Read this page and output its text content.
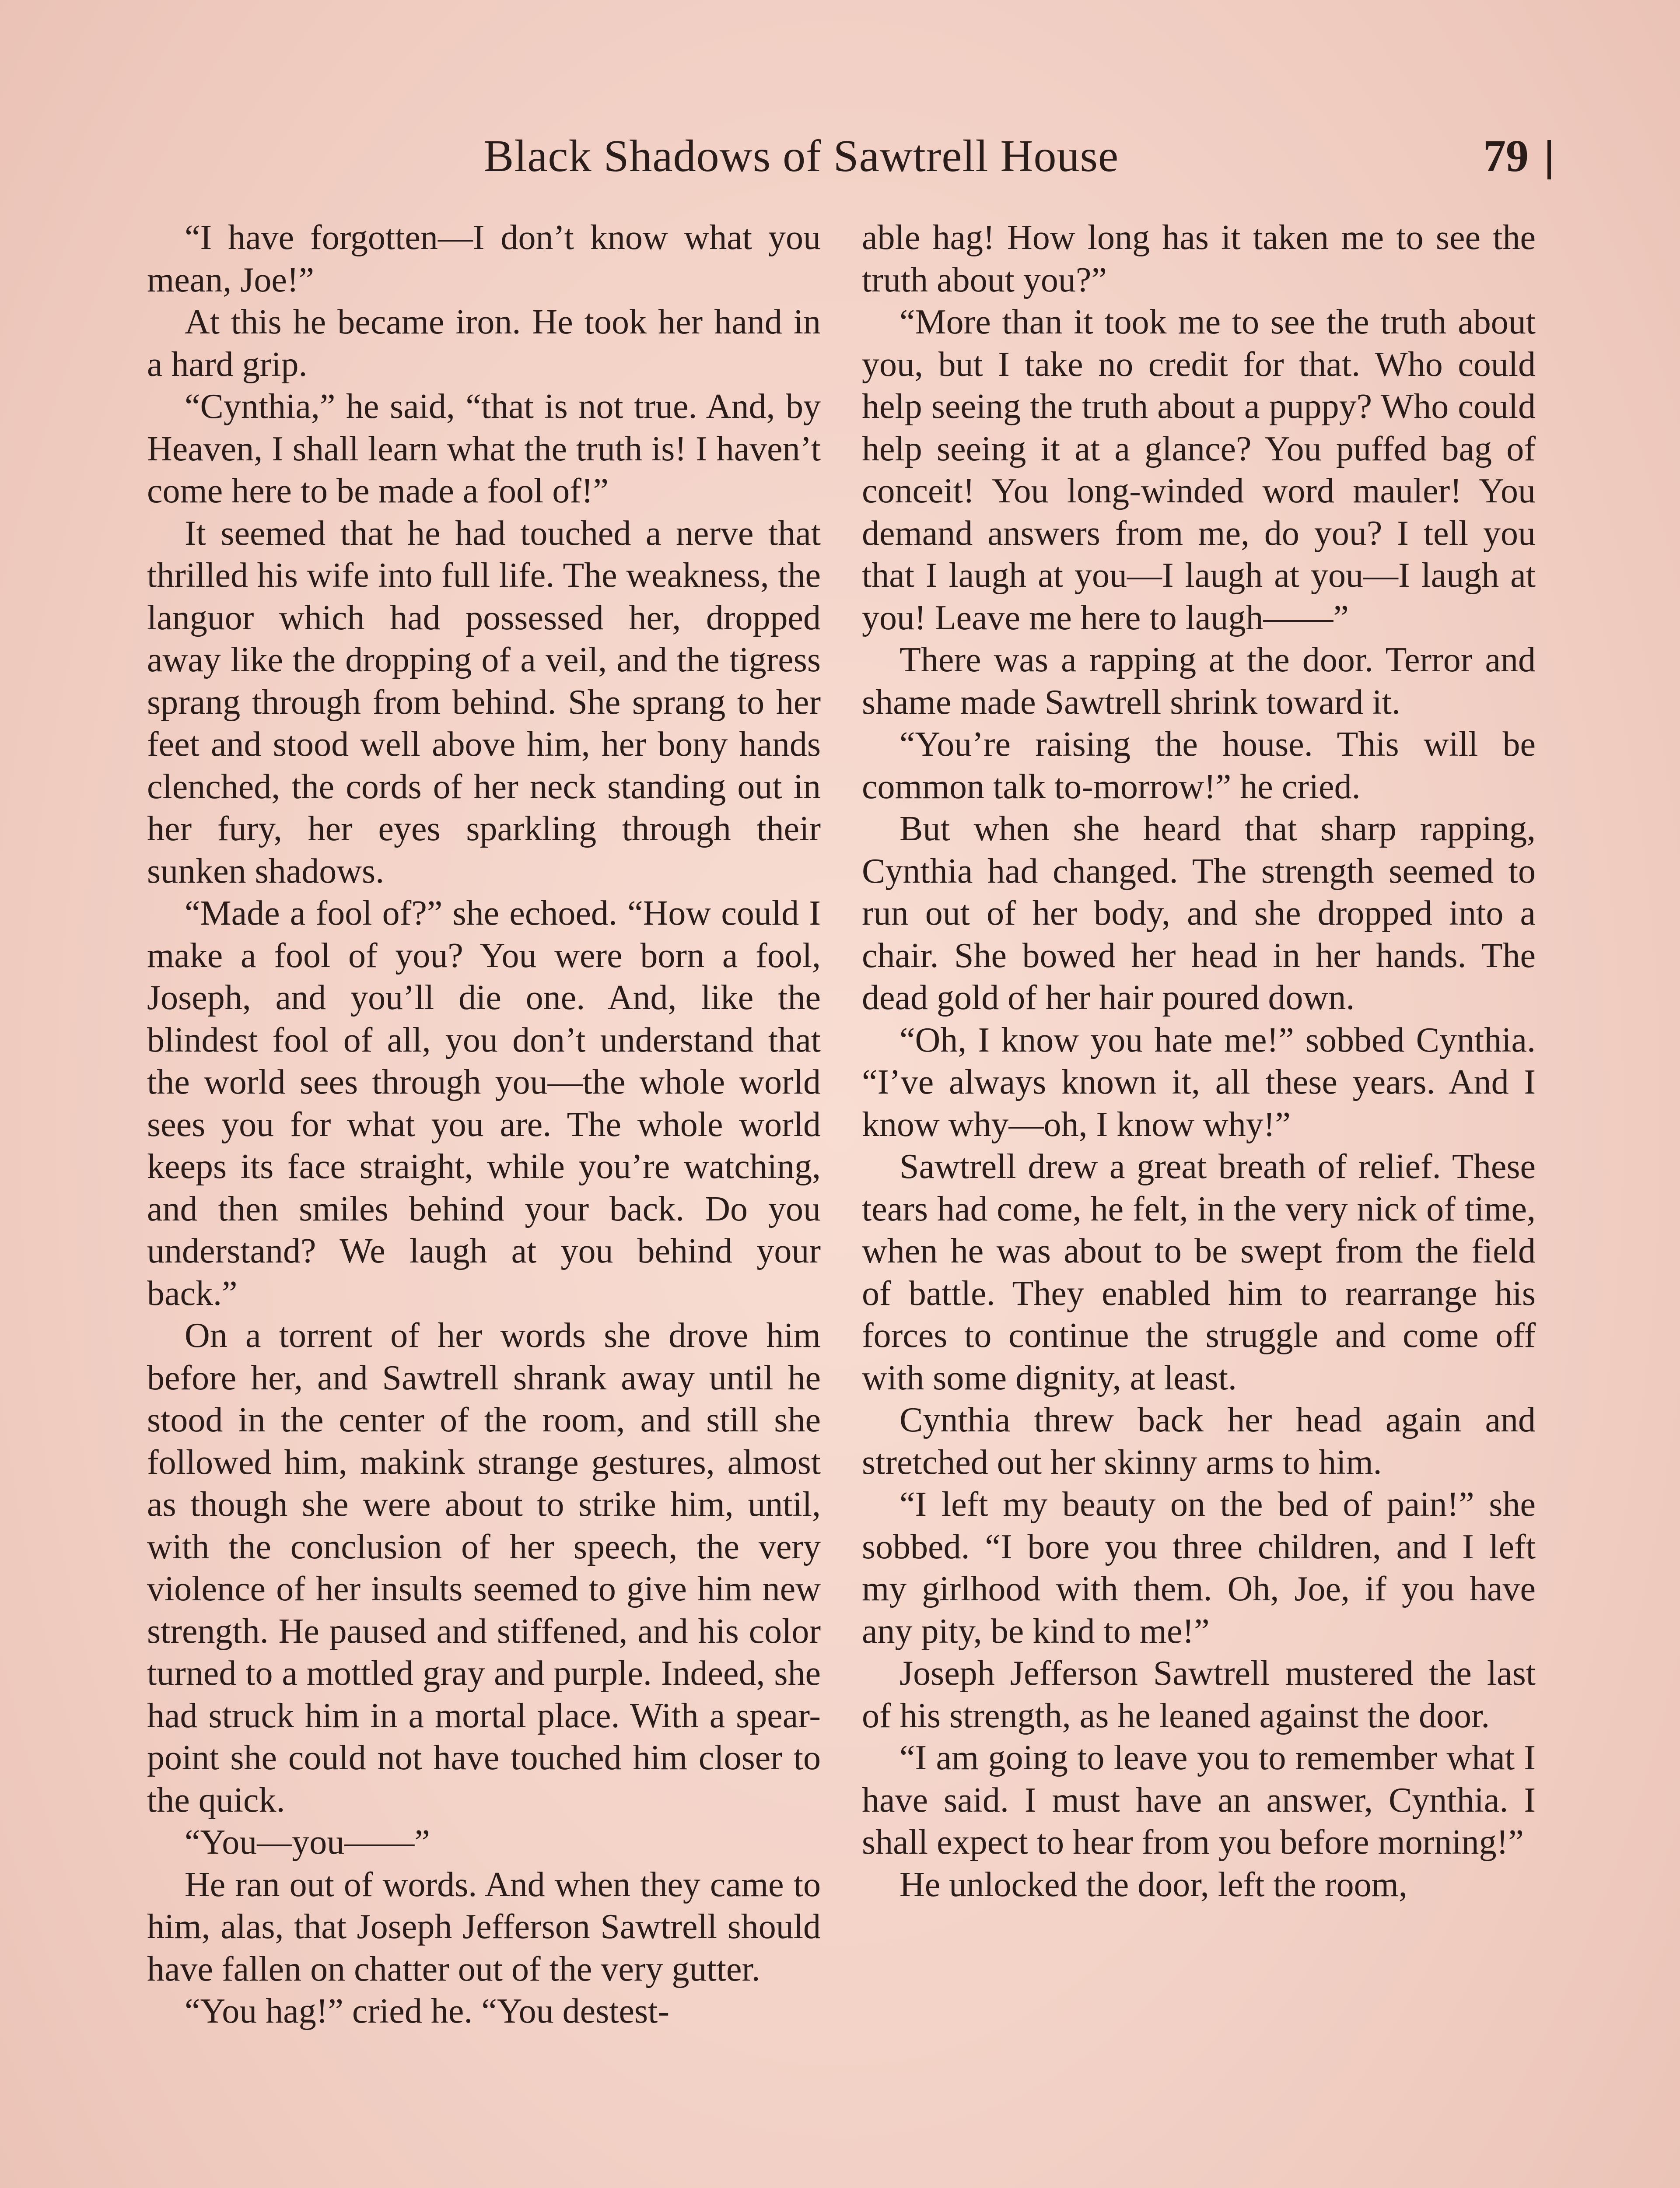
Black Shadows of Sawtrell House	79

“I have forgotten—I don’t know what you mean, Joe!”

At this he became iron. He took her hand in a hard grip.

“Cynthia,” he said, “that is not true. And, by Heaven, I shall learn what the truth is! I haven’t come here to be made a fool of!”

It seemed that he had touched a nerve that thrilled his wife into full life. The weakness, the languor which had possessed her, dropped away like the dropping of a veil, and the tigress sprang through from behind. She sprang to her feet and stood well above him, her bony hands clenched, the cords of her neck standing out in her fury, her eyes sparkling through their sunken shadows.

“Made a fool of?” she echoed. “How could I make a fool of you? You were born a fool, Joseph, and you’ll die one. And, like the blindest fool of all, you don’t understand that the world sees through you—the whole world sees you for what you are. The whole world keeps its face straight, while you’re watching, and then smiles behind your back. Do you understand? We laugh at you behind your back.”

On a torrent of her words she drove him before her, and Sawtrell shrank away until he stood in the center of the room, and still she followed him, makink strange gestures, almost as though she were about to strike him, until, with the conclusion of her speech, the very violence of her insults seemed to give him new strength. He paused and stiffened, and his color turned to a mottled gray and purple. Indeed, she had struck him in a mortal place. With a spear-point she could not have touched him closer to the quick.

“You—you——”

He ran out of words. And when they came to him, alas, that Joseph Jefferson Sawtrell should have fallen on chatter out of the very gutter.

“You hag!” cried he. “You destest-

able hag! How long has it taken me to see the truth about you?”

“More than it took me to see the truth about you, but I take no credit for that. Who could help seeing the truth about a puppy? Who could help seeing it at a glance? You puffed bag of conceit! You long-winded word mauler! You demand answers from me, do you? I tell you that I laugh at you—I laugh at you—I laugh at you! Leave me here to laugh——”

There was a rapping at the door. Terror and shame made Sawtrell shrink toward it.

“You’re raising the house. This will be common talk to-morrow!” he cried.

But when she heard that sharp rapping, Cynthia had changed. The strength seemed to run out of her body, and she dropped into a chair. She bowed her head in her hands. The dead gold of her hair poured down.

“Oh, I know you hate me!” sobbed Cynthia. “I’ve always known it, all these years. And I know why—oh, I know why!”

Sawtrell drew a great breath of relief. These tears had come, he felt, in the very nick of time, when he was about to be swept from the field of battle. They enabled him to rearrange his forces to continue the struggle and come off with some dignity, at least.

Cynthia threw back her head again and stretched out her skinny arms to him.

“I left my beauty on the bed of pain!” she sobbed. “I bore you three children, and I left my girlhood with them. Oh, Joe, if you have any pity, be kind to me!”

Joseph Jefferson Sawtrell mustered the last of his strength, as he leaned against the door.

“I am going to leave you to remember what I have said. I must have an answer, Cynthia. I shall expect to hear from you before morning!”

He unlocked the door, left the room,
